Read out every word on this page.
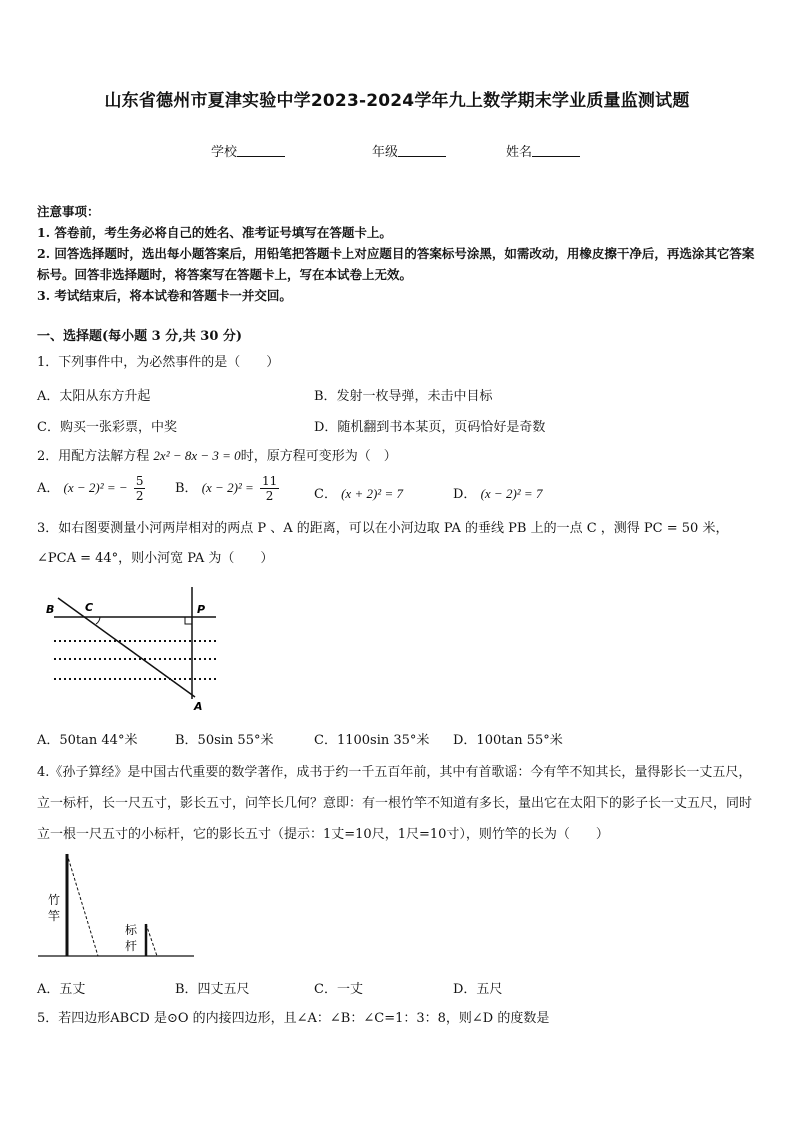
山东省德州市夏津实验中学2023-2024学年九上数学期末学业质量监测试题
学校	年级	姓名
注意事项：
1. 答卷前，考生务必将自己的姓名、准考证号填写在答题卡上。
2. 回答选择题时，选出每小题答案后，用铅笔把答题卡上对应题目的答案标号涂黑，如需改动，用橡皮擦干净后，再选涂其它答案标号。回答非选择题时，将答案写在答题卡上，写在本试卷上无效。
3. 考试结束后，将本试卷和答题卡一并交回。
一、选择题(每小题 3 分,共 30 分)
1．下列事件中，为必然事件的是（　　）
A．太阳从东方升起	B．发射一枚导弹，未击中目标
C．购买一张彩票，中奖	D．随机翻到书本某页，页码恰好是奇数
2．用配方法解方程 2x² − 8x − 3 = 0时，原方程可变形为（　）
A． (x − 2)² = − $\frac{5}{2}$ B． $(x - 2)^2 = \frac{11}{2}$	C． (x + 2)² = 7	D． (x − 2)² = 7
3．如右图要测量小河两岸相对的两点 P 、A 的距离，可以在小河边取 PA 的垂线 PB 上的一点 C ，测得 PC = 50 米，
∠PCA = 44°，则小河宽 PA 为（　　）
B	C	P
A
A．50tan 44°米	B．50sin 55°米	C．1100sin 35°米 D．100tan 55°米
4.《孙子算经》是中国古代重要的数学著作，成书于约一千五百年前，其中有首歌谣：今有竿不知其长，量得影长一丈五尺，立一标杆，长一尺五寸，影长五寸，问竿长几何？意即：有一根竹竿不知道有多长，量出它在太阳下的影子长一丈五尺，同时立一根一尺五寸的小标杆，它的影长五寸（提示：1丈=10尺，1尺=10寸），则竹竿的长为（　　）
竹
竿
标
杆
A．五丈	B．四丈五尺	C．一丈	D．五尺
5．若四边形ABCD 是⊙O 的内接四边形，且∠A：∠B：∠C=1：3：8，则∠D 的度数是
